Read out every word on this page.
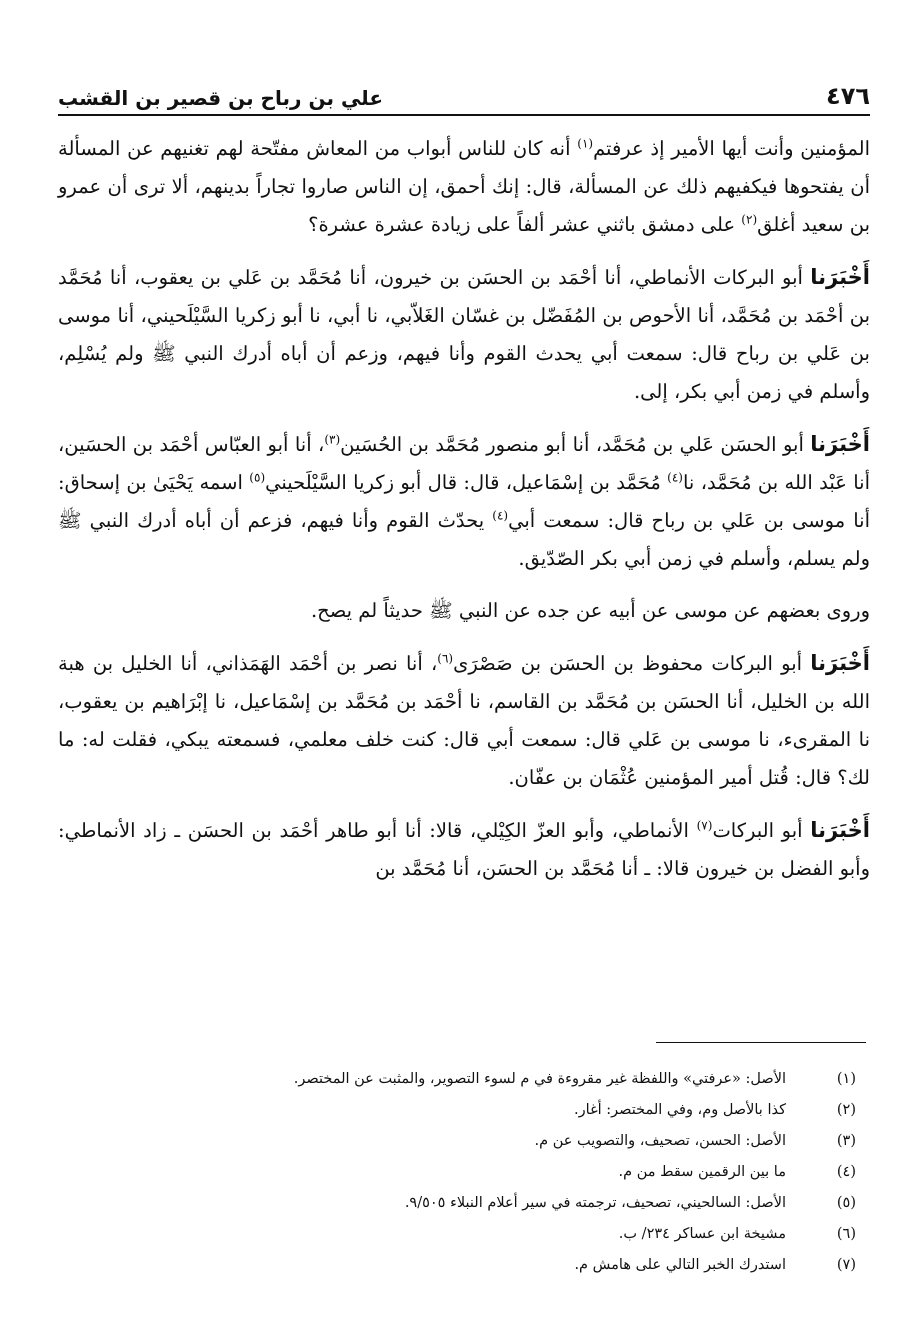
٤٧٦
علي بن رباح بن قصير بن القشب

المؤمنين وأنت أيها الأمير إذ عرفتم$^{(١)}$ أنه كان للناس أبواب من المعاش مفتّحة لهم تغنيهم عن المسألة أن يفتحوها فيكفيهم ذلك عن المسألة، قال: إنك أحمق، إن الناس صاروا تجاراً بدينهم، ألا ترى أن عمرو بن سعيد أغلق$^{(٢)}$ على دمشق باثني عشر ألفاً على زيادة عشرة عشرة؟

أَخْبَرَنا أبو البركات الأنماطي، أنا أحْمَد بن الحسَن بن خيرون، أنا مُحَمَّد بن عَلي بن يعقوب، أنا مُحَمَّد بن أحْمَد بن مُحَمَّد، أنا الأحوص بن المُفَضّل بن غسّان الغَلاّبي، نا أبي، نا أبو زكريا السَّيْلَحيني، أنا موسى بن عَلي بن رباح قال: سمعت أبي يحدث القوم وأنا فيهم، وزعم أن أباه أدرك النبي ﷺ ولم يُسْلِم، وأسلم في زمن أبي بكر، إلى.

أَخْبَرَنا أبو الحسَن عَلي بن مُحَمَّد، أنا أبو منصور مُحَمَّد بن الحُسَين$^{(٣)}$، أنا أبو العبّاس أحْمَد بن الحسَين، أنا عَبْد الله بن مُحَمَّد، نا$^{(٤)}$ مُحَمَّد بن إسْمَاعيل، قال: قال أبو زكريا السَّيْلَحيني$^{(٥)}$ اسمه يَحْيَىٰ بن إسحاق: أنا موسى بن عَلي بن رباح قال: سمعت أبي$^{(٤)}$ يحدّث القوم وأنا فيهم، فزعم أن أباه أدرك النبي ﷺ ولم يسلم، وأسلم في زمن أبي بكر الصّدّيق.

وروى بعضهم عن موسى عن أبيه عن جده عن النبي ﷺ حديثاً لم يصح.

أَخْبَرَنا أبو البركات محفوظ بن الحسَن بن صَصْرَى$^{(٦)}$، أنا نصر بن أحْمَد الهَمَذاني، أنا الخليل بن هبة الله بن الخليل، أنا الحسَن بن مُحَمَّد بن القاسم، نا أحْمَد بن مُحَمَّد بن إسْمَاعيل، نا إبْرَاهيم بن يعقوب، نا المقرىء، نا موسى بن عَلي قال: سمعت أبي قال: كنت خلف معلمي، فسمعته يبكي، فقلت له: ما لك؟ قال: قُتل أمير المؤمنين عُثْمَان بن عفّان.

أَخْبَرَنا أبو البركات$^{(٧)}$ الأنماطي، وأبو العزّ الكِيْلي، قالا: أنا أبو طاهر أحْمَد بن الحسَن ـ زاد الأنماطي: وأبو الفضل بن خيرون قالا: ـ أنا مُحَمَّد بن الحسَن، أنا مُحَمَّد بن

(١)
الأصل: «عرفتي» واللفظة غير مقروءة في م لسوء التصوير، والمثبت عن المختصر.
(٢)
كذا بالأصل وم، وفي المختصر: أغار.
(٣)
الأصل: الحسن، تصحيف، والتصويب عن م.
(٤)
ما بين الرقمين سقط من م.
(٥)
الأصل: السالحيني، تصحيف، ترجمته في سير أعلام النبلاء ٩/٥٠٥.
(٦)
مشيخة ابن عساكر ٢٣٤/ ب.
(٧)
استدرك الخبر التالي على هامش م.
